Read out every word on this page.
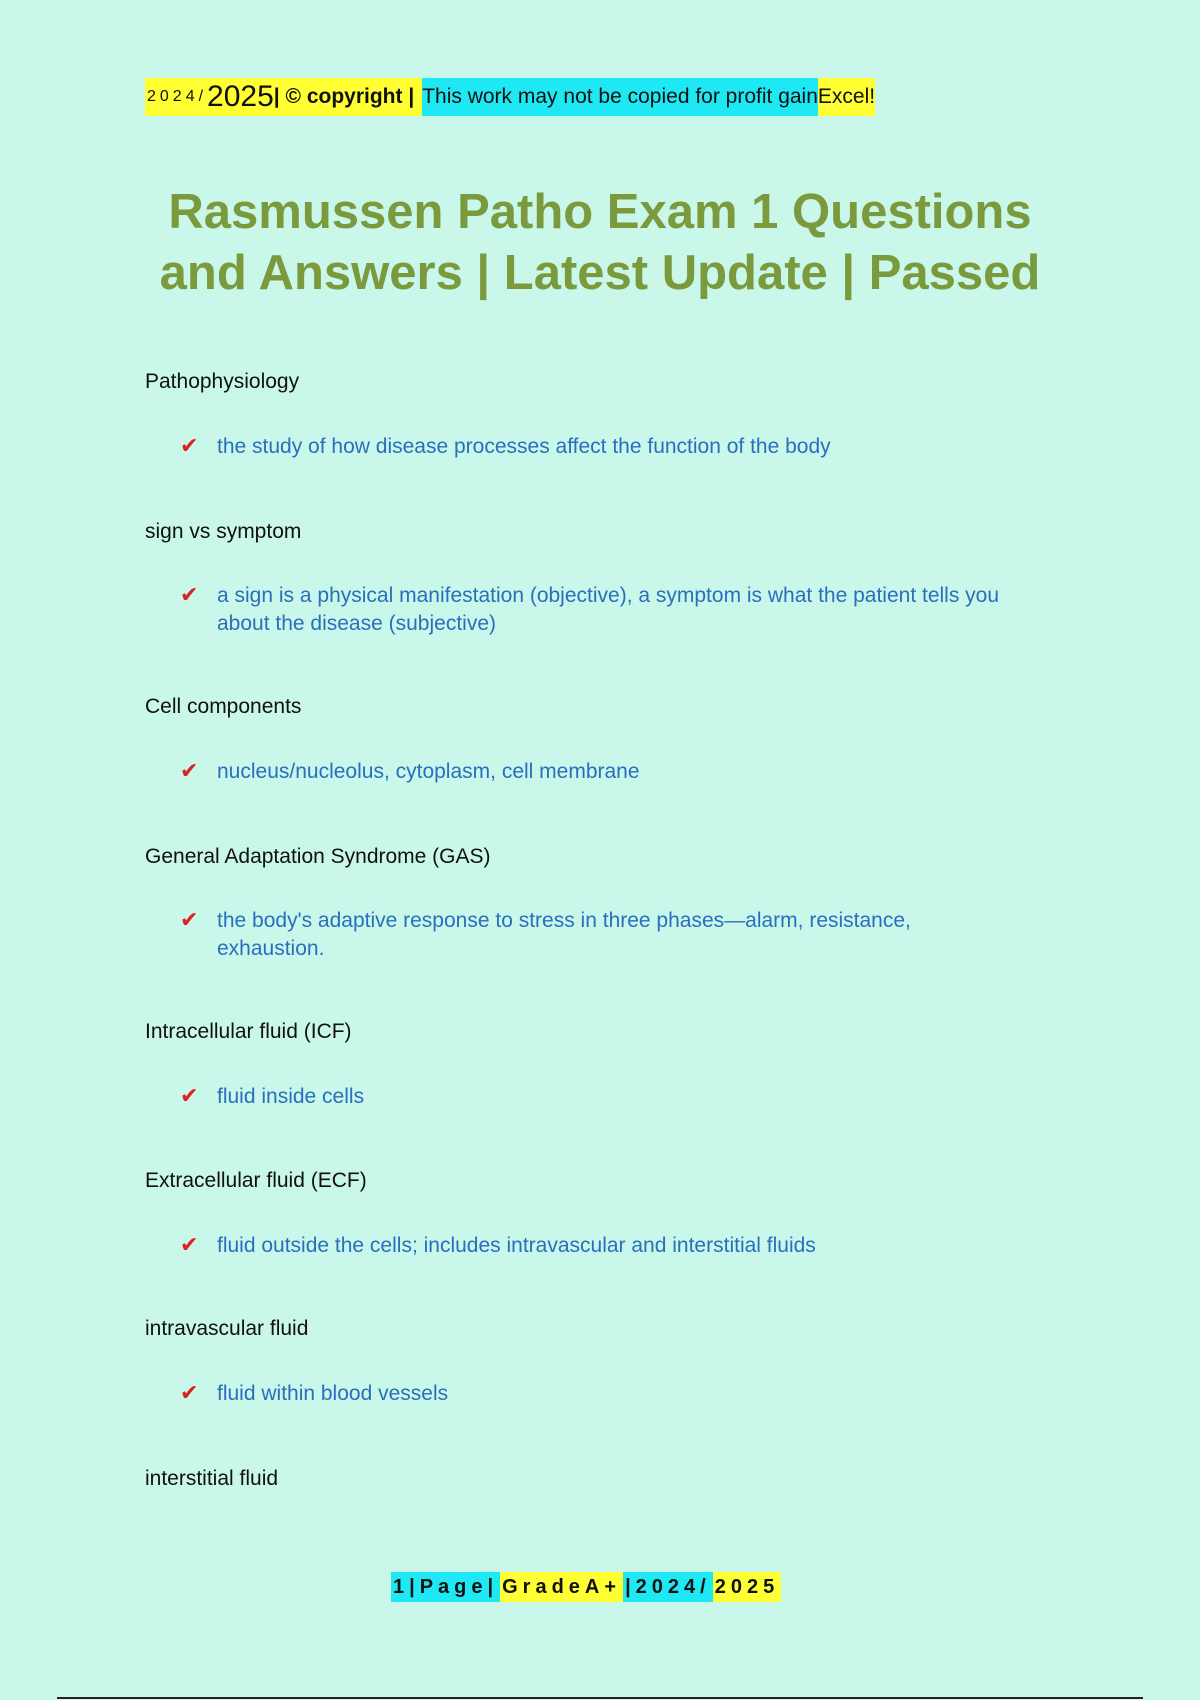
2024/ 2025 | © copyright | This work may not be copied for profit gain Excel!
Rasmussen Patho Exam 1 Questions and Answers | Latest Update | Passed
Pathophysiology
✔ the study of how disease processes affect the function of the body
sign vs symptom
✔ a sign is a physical manifestation (objective), a symptom is what the patient tells you about the disease (subjective)
Cell components
✔ nucleus/nucleolus, cytoplasm, cell membrane
General Adaptation Syndrome (GAS)
✔ the body's adaptive response to stress in three phases—alarm, resistance, exhaustion.
Intracellular fluid (ICF)
✔ fluid inside cells
Extracellular fluid (ECF)
✔ fluid outside the cells; includes intravascular and interstitial fluids
intravascular fluid
✔ fluid within blood vessels
interstitial fluid
1|Page| GradeA+ |2024/ 2025
